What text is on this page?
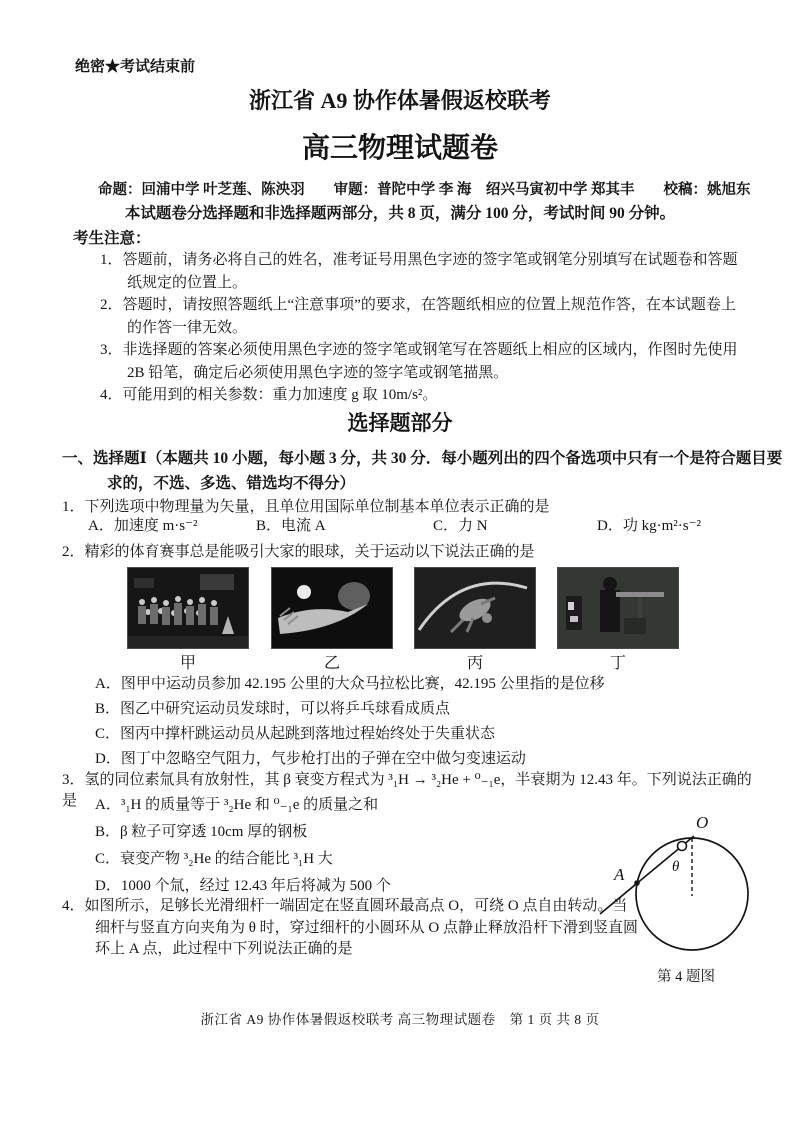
绝密★考试结束前
浙江省 A9 协作体暑假返校联考
高三物理试题卷
命题：回浦中学 叶芝莲、陈泱羽　　审题：普陀中学 李 海　绍兴马寅初中学 郑其丰　　校稿：姚旭东
本试题卷分选择题和非选择题两部分，共 8 页，满分 100 分，考试时间 90 分钟。
考生注意：
1．答题前，请务必将自己的姓名，准考证号用黑色字迹的签字笔或钢笔分别填写在试题卷和答题纸规定的位置上。
2．答题时，请按照答题纸上“注意事项”的要求，在答题纸相应的位置上规范作答，在本试题卷上的作答一律无效。
3．非选择题的答案必须使用黑色字迹的签字笔或钢笔写在答题纸上相应的区域内，作图时先使用 2B 铅笔，确定后必须使用黑色字迹的签字笔或钢笔描黑。
4．可能用到的相关参数：重力加速度 g 取 10m/s²。
选择题部分
一、选择题Ⅰ（本题共 10 小题，每小题 3 分，共 30 分．每小题列出的四个备选项中只有一个是符合题目要求的，不选、多选、错选均不得分）
1．下列选项中物理量为矢量，且单位用国际单位制基本单位表示正确的是
A．加速度 m·s⁻²	B．电流 A	C．力 N	D．功 kg·m²·s⁻²
2．精彩的体育赛事总是能吸引大家的眼球，关于运动以下说法正确的是
甲	乙	丙	丁
A．图甲中运动员参加 42.195 公里的大众马拉松比赛，42.195 公里指的是位移
B．图乙中研究运动员发球时，可以将乒乓球看成质点
C．图丙中撑杆跳运动员从起跳到落地过程始终处于失重状态
D．图丁中忽略空气阻力，气步枪打出的子弹在空中做匀变速运动
3．氢的同位素氚具有放射性，其 β 衰变方程式为 ³₁H → ³₂He + ⁰₋₁e，半衰期为 12.43 年。下列说法正确的是	A．³₁H 的质量等于 ³₂He 和 ⁰₋₁e 的质量之和
B．β 粒子可穿透 10cm 厚的钢板
C．衰变产物 ³₂He 的结合能比 ³₁H 大
D．1000 个氚，经过 12.43 年后将减为 500 个
4．如图所示，足够长光滑细杆一端固定在竖直圆环最高点 O，可绕 O 点自由转动。当细杆与竖直方向夹角为 θ 时，穿过细杆的小圆环从 O 点静止释放沿杆下滑到竖直圆环上 A 点，此过程中下列说法正确的是
O
θ
A
第 4 题图
浙江省 A9 协作体暑假返校联考 高三物理试题卷　第 1 页 共 8 页
